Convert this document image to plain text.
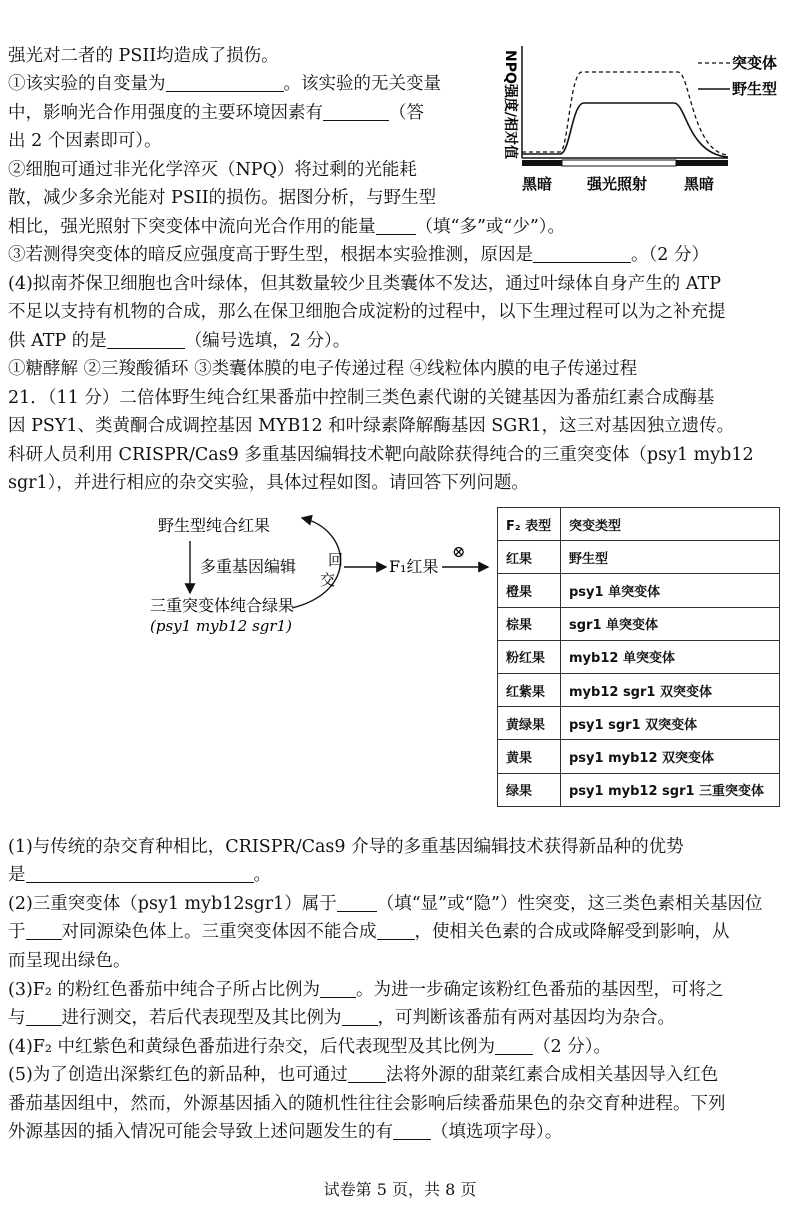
强光对二者的 PSII均造成了损伤。
①该实验的自变量为	。该实验的无关变量
中，影响光合作用强度的主要环境因素有	（答
出 2 个因素即可）。
②细胞可通过非光化学淬灭（NPQ）将过剩的光能耗
散，减少多余光能对 PSII的损伤。据图分析，与野生型
相比，强光照射下突变体中流向光合作用的能量 （填“多”或“少”）。
③若测得突变体的暗反应强度高于野生型，根据本实验推测，原因是	。（2 分）
(4)拟南芥保卫细胞也含叶绿体，但其数量较少且类囊体不发达，通过叶绿体自身产生的 ATP
不足以支持有机物的合成，那么在保卫细胞合成淀粉的过程中，以下生理过程可以为之补充提
供 ATP 的是	（编号选填，2 分）。
①糖酵解 ②三羧酸循环 ③类囊体膜的电子传递过程 ④线粒体内膜的电子传递过程
21．（11 分）二倍体野生纯合红果番茄中控制三类色素代谢的关键基因为番茄红素合成酶基
因 PSY1、类黄酮合成调控基因 MYB12 和叶绿素降解酶基因 SGR1，这三对基因独立遗传。
科研人员利用 CRISPR/Cas9 多重基因编辑技术靶向敲除获得纯合的三重突变体（psy1 myb12
sgr1），并进行相应的杂交实验，具体过程如图。请回答下列问题。
NPQ强度/相对值
黑暗 强光照射 黑暗
突变体
野生型
野生型纯合红果
多重基因编辑 回
交
F₁红果
⊗
三重突变体纯合绿果
(psy1 myb12 sgr1)
F₂ 表型	突变类型
红果	野生型
橙果	psy1 单突变体
棕果	sgr1 单突变体
粉红果	myb12 单突变体
红紫果	myb12 sgr1 双突变体
黄绿果	psy1 sgr1 双突变体
黄果	psy1 myb12 双突变体
绿果	psy1 myb12 sgr1 三重突变体
(1)与传统的杂交育种相比，CRISPR/Cas9 介导的多重基因编辑技术获得新品种的优势
是	。
(2)三重突变体（psy1 myb12sgr1）属于 （填“显”或“隐”）性突变，这三类色素相关基因位
于 对同源染色体上。三重突变体因不能合成 ，使相关色素的合成或降解受到影响，从
而呈现出绿色。
(3)F₂ 的粉红色番茄中纯合子所占比例为 。为进一步确定该粉红色番茄的基因型，可将之
与 进行测交，若后代表现型及其比例为 ，可判断该番茄有两对基因均为杂合。
(4)F₂ 中红紫色和黄绿色番茄进行杂交，后代表现型及其比例为 （2 分）。
(5)为了创造出深紫红色的新品种，也可通过 法将外源的甜菜红素合成相关基因导入红色
番茄基因组中，然而，外源基因插入的随机性往往会影响后续番茄果色的杂交育种进程。下列
外源基因的插入情况可能会导致上述问题发生的有 （填选项字母）。
试卷第 5 页，共 8 页
